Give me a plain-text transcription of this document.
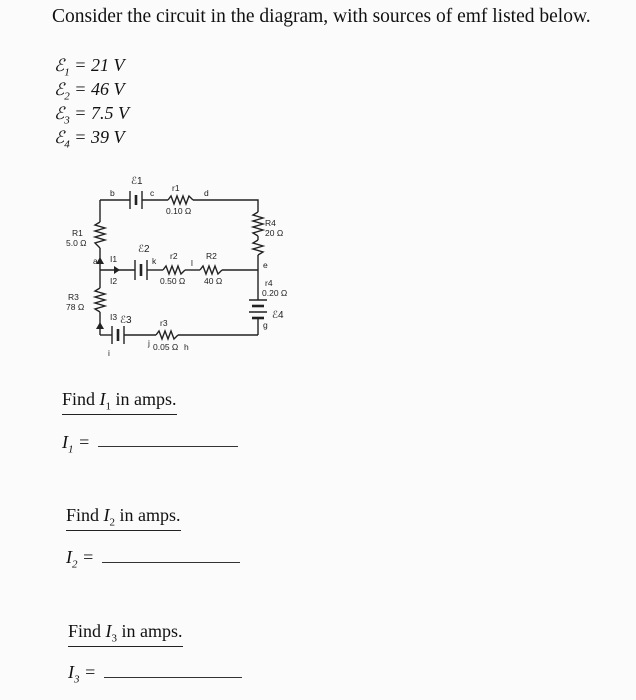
Consider the circuit in the diagram, with sources of emf listed below.
ℰ$_1$ = 21 V
ℰ$_2$ = 46 V
ℰ$_3$ = 7.5 V
ℰ$_4$ = 39 V
ℰ1
b	c	d
r1
0.10 Ω
R1
5.0 Ω
ℰ2
a I1
I2
k r2
0.50 Ω
l
R2
40 Ω
R4
20 Ω
e
r4
0.20 Ω
ℰ4
g
R3
78 Ω
I3 ℰ3
i
j
r3
0.05 Ω h
Find $I_1$ in amps.
$I_1$ =
Find $I_2$ in amps.
$I_2$ =
Find $I_3$ in amps.
$I_3$ =
